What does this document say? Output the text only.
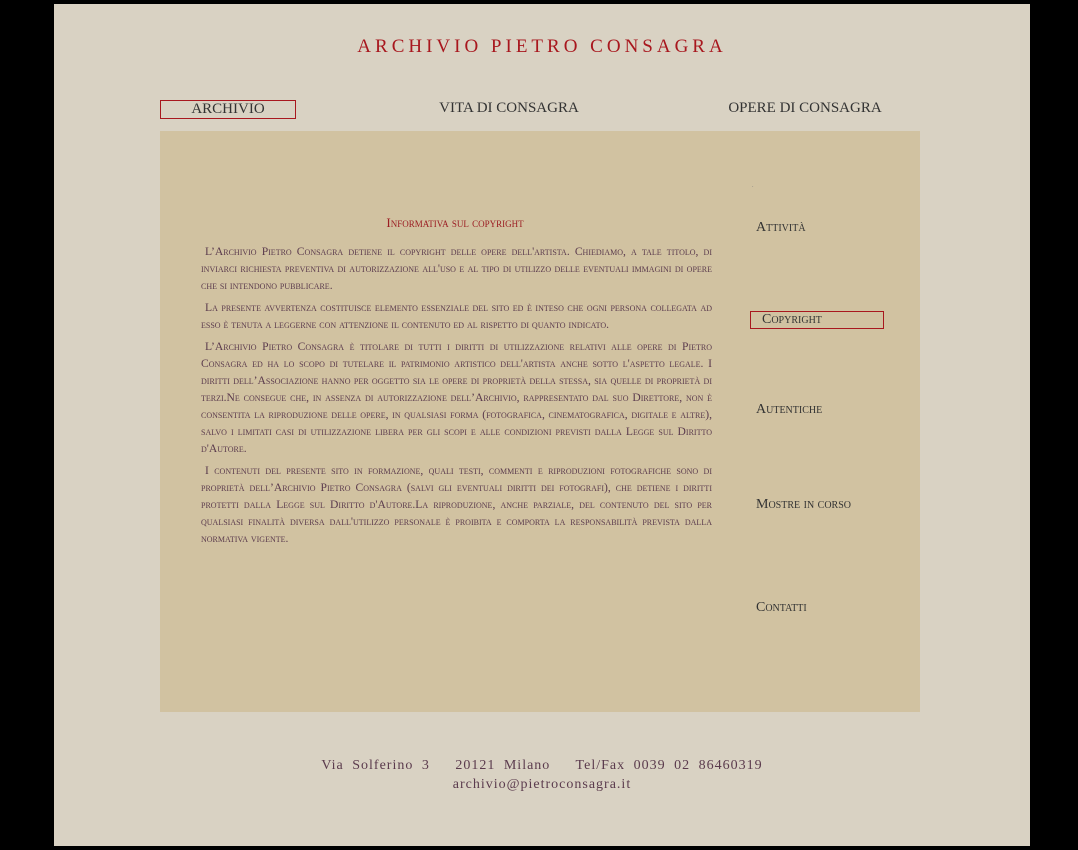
ARCHIVIO PIETRO CONSAGRA
ARCHIVIO	VITA DI CONSAGRA	OPERE DI CONSAGRA
.
Informativa sul copyright

L’Archivio Pietro Consagra detiene il copyright delle opere dell'artista. Chiediamo, a tale titolo, di inviarci richiesta preventiva di autorizzazione all'uso e al tipo di utilizzo delle eventuali immagini di opere che si intendono pubblicare.

La presente avvertenza costituisce elemento essenziale del sito ed è inteso che ogni persona collegata ad esso è tenuta a leggerne con attenzione il contenuto ed al rispetto di quanto indicato.

L’Archivio Pietro Consagra è titolare di tutti i diritti di utilizzazione relativi alle opere di Pietro Consagra ed ha lo scopo di tutelare il patrimonio artistico dell'artista anche sotto l'aspetto legale. I diritti dell’Associazione hanno per oggetto sia le opere di proprietà della stessa, sia quelle di proprietà di terzi.Ne consegue che, in assenza di autorizzazione dell’Archivio, rappresentato dal suo Direttore, non è consentita la riproduzione delle opere, in qualsiasi forma (fotografica, cinematografica, digitale e altre), salvo i limitati casi di utilizzazione libera per gli scopi e alle condizioni previsti dalla Legge sul Diritto d'Autore.

I contenuti del presente sito in formazione, quali testi, commenti e riproduzioni fotografiche sono di proprietà dell’Archivio Pietro Consagra (salvi gli eventuali diritti dei fotografi), che detiene i diritti protetti dalla Legge sul Diritto d'Autore.La riproduzione, anche parziale, del contenuto del sito per qualsiasi finalità diversa dall'utilizzo personale è proibita e comporta la responsabilità prevista dalla normativa vigente.

Attività
Copyright
Autentiche
Mostre in corso
Contatti
Via Solferino 3   20121 Milano   Tel/Fax 0039 02 86460319
archivio@pietroconsagra.it
